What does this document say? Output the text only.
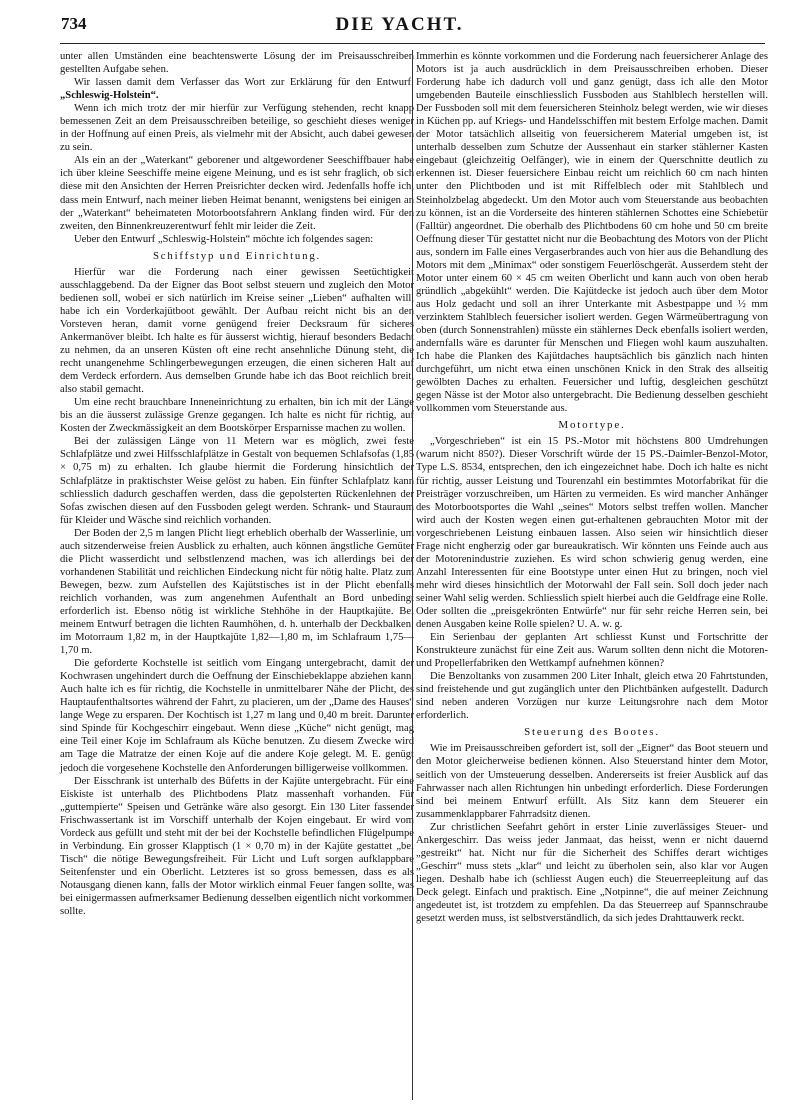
734	DIE YACHT.

unter allen Umständen eine beachtenswerte Lösung der im Preisausschreiben gestellten Aufgabe sehen.

Wir lassen damit dem Verfasser das Wort zur Erklärung für den Entwurf: „Schleswig-Holstein“.

Wenn ich mich trotz der mir hierfür zur Verfügung stehenden, recht knapp bemessenen Zeit an dem Preisausschreiben beteilige, so geschieht dieses weniger in der Hoffnung auf einen Preis, als vielmehr mit der Absicht, auch dabei gewesen zu sein.

Als ein an der „Waterkant“ geborener und altgewordener Seeschiffbauer habe ich über kleine Seeschiffe meine eigene Meinung, und es ist sehr fraglich, ob sich diese mit den Ansichten der Herren Preisrichter decken wird. Jedenfalls hoffe ich, dass mein Entwurf, nach meiner lieben Heimat benannt, wenigstens bei einigen an der „Waterkant“ beheimateten Motorbootsfahrern Anklang finden wird. Für den zweiten, den Binnenkreuzerentwurf fehlt mir leider die Zeit.

Ueber den Entwurf „Schleswig-Holstein“ möchte ich folgendes sagen:

Schiffstyp und Einrichtung.

Hierfür war die Forderung nach einer gewissen Seetüchtigkeit ausschlaggebend. Da der Eigner das Boot selbst steuern und zugleich den Motor bedienen soll, wobei er sich natürlich im Kreise seiner „Lieben“ aufhalten will, habe ich ein Vorderkajütboot gewählt. Der Aufbau reicht nicht bis an den Vorsteven heran, damit vorne genügend freier Decksraum für sicheres Ankermanöver bleibt. Ich halte es für äusserst wichtig, hierauf besonders Bedacht zu nehmen, da an unseren Küsten oft eine recht ansehnliche Dünung steht, die recht unangenehme Schlingerbewegungen erzeugen, die einen sicheren Halt auf dem Verdeck erfordern. Aus demselben Grunde habe ich das Boot reichlich breit, also stabil gemacht.

Um eine recht brauchbare Inneneinrichtung zu erhalten, bin ich mit der Länge bis an die äusserst zulässige Grenze gegangen. Ich halte es nicht für richtig, auf Kosten der Zweckmässigkeit an dem Bootskörper Ersparnisse machen zu wollen.

Bei der zulässigen Länge von 11 Metern war es möglich, zwei feste Schlafplätze und zwei Hilfsschlafplätze in Gestalt von bequemen Schlafsofas (1,85 × 0,75 m) zu erhalten. Ich glaube hiermit die Forderung hinsichtlich der Schlafplätze in praktischster Weise gelöst zu haben. Ein fünfter Schlafplatz kann schliesslich dadurch geschaffen werden, dass die gepolsterten Rückenlehnen der Sofas zwischen diesen auf den Fussboden gelegt werden. Schrank- und Stauraum für Kleider und Wäsche sind reichlich vorhanden.

Der Boden der 2,5 m langen Plicht liegt erheblich oberhalb der Wasserlinie, um auch sitzenderweise freien Ausblick zu erhalten, auch können ängstliche Gemüter die Plicht wasserdicht und selbstlenzend machen, was ich allerdings bei der vorhandenen Stabilität und reichlichen Eindeckung nicht für nötig halte. Platz zum Bewegen, bezw. zum Aufstellen des Kajütstisches ist in der Plicht ebenfalls reichlich vorhanden, was zum angenehmen Aufenthalt an Bord unbedingt erforderlich ist. Ebenso nötig ist wirkliche Stehhöhe in der Hauptkajüte. Bei meinem Entwurf betragen die lichten Raumhöhen, d. h. unterhalb der Deckbalken: im Motorraum 1,82 m, in der Hauptkajüte 1,82—1,80 m, im Schlafraum 1,75—1,70 m.

Die geforderte Kochstelle ist seitlich vom Eingang untergebracht, damit der Kochwrasen ungehindert durch die Oeffnung der Einschiebeklappe abziehen kann. Auch halte ich es für richtig, die Kochstelle in unmittelbarer Nähe der Plicht, des Hauptaufenthaltsortes während der Fahrt, zu placieren, um der „Dame des Hauses“ lange Wege zu ersparen. Der Kochtisch ist 1,27 m lang und 0,40 m breit. Darunter sind Spinde für Kochgeschirr eingebaut. Wenn diese „Küche“ nicht genügt, mag eine Teil einer Koje im Schlafraum als Küche benutzen. Zu diesem Zwecke wird am Tage die Matratze der einen Koje auf die andere Koje gelegt. M. E. genügt jedoch die vorgesehene Kochstelle den Anforderungen billigerweise vollkommen.

Der Eisschrank ist unterhalb des Büfetts in der Kajüte untergebracht. Für eine Eiskiste ist unterhalb des Plichtbodens Platz massenhaft vorhanden. Für „guttempierte“ Speisen und Getränke wäre also gesorgt. Ein 130 Liter fassender Frischwassertank ist im Vorschiff unterhalb der Kojen eingebaut. Er wird vom Vordeck aus gefüllt und steht mit der bei der Kochstelle befindlichen Flügelpumpe in Verbindung. Ein grosser Klapptisch (1 × 0,70 m) in der Kajüte gestattet „bei Tisch“ die nötige Bewegungsfreiheit. Für Licht und Luft sorgen aufklappbare Seitenfenster und ein Oberlicht. Letzteres ist so gross bemessen, dass es als Notausgang dienen kann, falls der Motor wirklich einmal Feuer fangen sollte, was bei einigermassen aufmerksamer Bedienung desselben eigentlich nicht vorkommen sollte.

Immerhin es könnte vorkommen und die Forderung nach feuersicherer Anlage des Motors ist ja auch ausdrücklich in dem Preisausschreiben erhoben. Dieser Forderung habe ich dadurch voll und ganz genügt, dass ich alle den Motor umgebenden Bauteile einschliesslich Fussboden aus Stahlblech herstellen will. Der Fussboden soll mit dem feuersicheren Steinholz belegt werden, wie wir dieses in Küchen pp. auf Kriegs- und Handelsschiffen mit bestem Erfolge machen. Damit der Motor tatsächlich allseitig von feuersicherem Material umgeben ist, ist unterhalb desselben zum Schutze der Aussenhaut ein starker stählerner Kasten eingebaut (gleichzeitig Oelfänger), wie in einem der Querschnitte deutlich zu erkennen ist. Dieser feuersichere Einbau reicht um reichlich 60 cm nach hinten unter den Plichtboden und ist mit Riffelblech oder mit Stahlblech und Steinholzbelag abgedeckt. Um den Motor auch vom Steuerstande aus beobachten zu können, ist an die Vorderseite des hinteren stählernen Schottes eine Schiebetür (Falltür) angeordnet. Die oberhalb des Plichtbodens 60 cm hohe und 50 cm breite Oeffnung dieser Tür gestattet nicht nur die Beobachtung des Motors von der Plicht aus, sondern im Falle eines Vergaserbrandes auch von hier aus die Behandlung des Motors mit dem „Minimax“ oder sonstigem Feuerlöschgerät. Ausserdem steht der Motor unter einem 60 × 45 cm weiten Oberlicht und kann auch von oben herab gründlich „abgekühlt“ werden. Die Kajütdecke ist jedoch auch über dem Motor aus Holz gedacht und soll an ihrer Unterkante mit Asbestpappe und ½ mm verzinktem Stahlblech feuersicher isoliert werden. Gegen Wärmeübertragung von oben (durch Sonnenstrahlen) müsste ein stählernes Deck ebenfalls isoliert werden, andernfalls wäre es darunter für Menschen und Fliegen wohl kaum auszuhalten. Ich habe die Planken des Kajütdaches hauptsächlich bis gänzlich nach hinten durchgeführt, um nicht etwa einen unschönen Knick in den Strak des allseitig gewölbten Daches zu erhalten. Feuersicher und luftig, desgleichen geschützt gegen Nässe ist der Motor also untergebracht. Die Bedienung desselben geschieht vollkommen vom Steuerstande aus.

Motortype.

„Vorgeschrieben“ ist ein 15 PS.-Motor mit höchstens 800 Umdrehungen (warum nicht 850?). Dieser Vorschrift würde der 15 PS.-Daimler-Benzol-Motor, Type L.S. 8534, entsprechen, den ich eingezeichnet habe. Doch ich halte es nicht für richtig, ausser Leistung und Tourenzahl ein bestimmtes Motorfabrikat für die Preisträger vorzuschreiben, um Härten zu vermeiden. Es wird mancher Anhänger des Motorbootsportes die Wahl „seines“ Motors selbst treffen wollen. Mancher wird auch der Kosten wegen einen gut-erhaltenen gebrauchten Motor mit der vorgeschriebenen Leistung einbauen lassen. Also seien wir hinsichtlich dieser Frage nicht engherzig oder gar bureaukratisch. Wir könnten uns Feinde auch aus der Motorenindustrie zuziehen. Es wird schon schwierig genug werden, eine Anzahl Interessenten für eine Bootstype unter einen Hut zu bringen, noch viel mehr wird dieses hinsichtlich der Motorwahl der Fall sein. Soll doch jeder nach seiner Wahl selig werden. Schliesslich spielt hierbei auch die Geldfrage eine Rolle. Oder sollten die „preisgekrönten Entwürfe“ nur für sehr reiche Herren sein, bei denen Ausgaben keine Rolle spielen? U. A. w. g.

Ein Serienbau der geplanten Art schliesst Kunst und Fortschritte der Konstrukteure zunächst für eine Zeit aus. Warum sollten denn nicht die Motoren- und Propellerfabriken den Wettkampf aufnehmen können?

Die Benzoltanks von zusammen 200 Liter Inhalt, gleich etwa 20 Fahrtstunden, sind freistehende und gut zugänglich unter den Plichtbänken aufgestellt. Dadurch sind neben anderen Vorzügen nur kurze Leitungsrohre nach dem Motor erforderlich.

Steuerung des Bootes.

Wie im Preisausschreiben gefordert ist, soll der „Eigner“ das Boot steuern und den Motor gleicherweise bedienen können. Also Steuerstand hinter dem Motor, seitlich von der Umsteuerung desselben. Andererseits ist freier Ausblick auf das Fahrwasser nach allen Richtungen hin unbedingt erforderlich. Diese Forderungen sind bei meinem Entwurf erfüllt. Als Sitz kann dem Steuerer ein zusammenklappbarer Fahrradsitz dienen.

Zur christlichen Seefahrt gehört in erster Linie zuverlässiges Steuer- und Ankergeschirr. Das weiss jeder Janmaat, das heisst, wenn er nicht dauernd „gestreikt“ hat. Nicht nur für die Sicherheit des Schiffes derart wichtiges „Geschirr“ muss stets „klar“ und leicht zu überholen sein, also klar vor Augen liegen. Deshalb habe ich (schliesst Augen euch) die Steuerreepleitung auf das Deck gelegt. Einfach und praktisch. Eine „Notpinne“, die auf meiner Zeichnung angedeutet ist, ist trotzdem zu empfehlen. Da das Steuerreep auf Spannschraube gesetzt werden muss, ist selbstverständlich, da sich jedes Drahttauwerk reckt.
